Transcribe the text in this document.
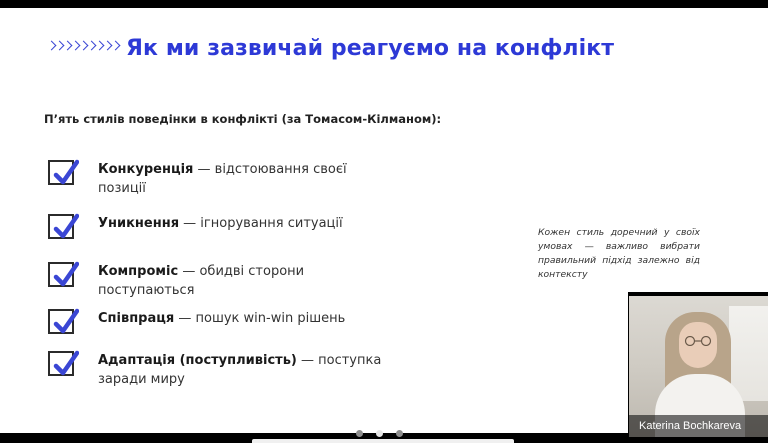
Як ми зазвичай реагуємо на конфлікт
П’ять стилів поведінки в конфлікті (за Томасом-Кілманом):
Конкуренція — відстоювання своєї позиції
Уникнення — ігнорування ситуації
Компроміс — обидві сторони поступаються
Співпраця — пошук win-win рішень
Адаптація (поступливість) — поступка заради миру
Кожен стиль доречний у своїх умовах — важливо вибрати правильний підхід залежно від контексту
Katerina Bochkareva
